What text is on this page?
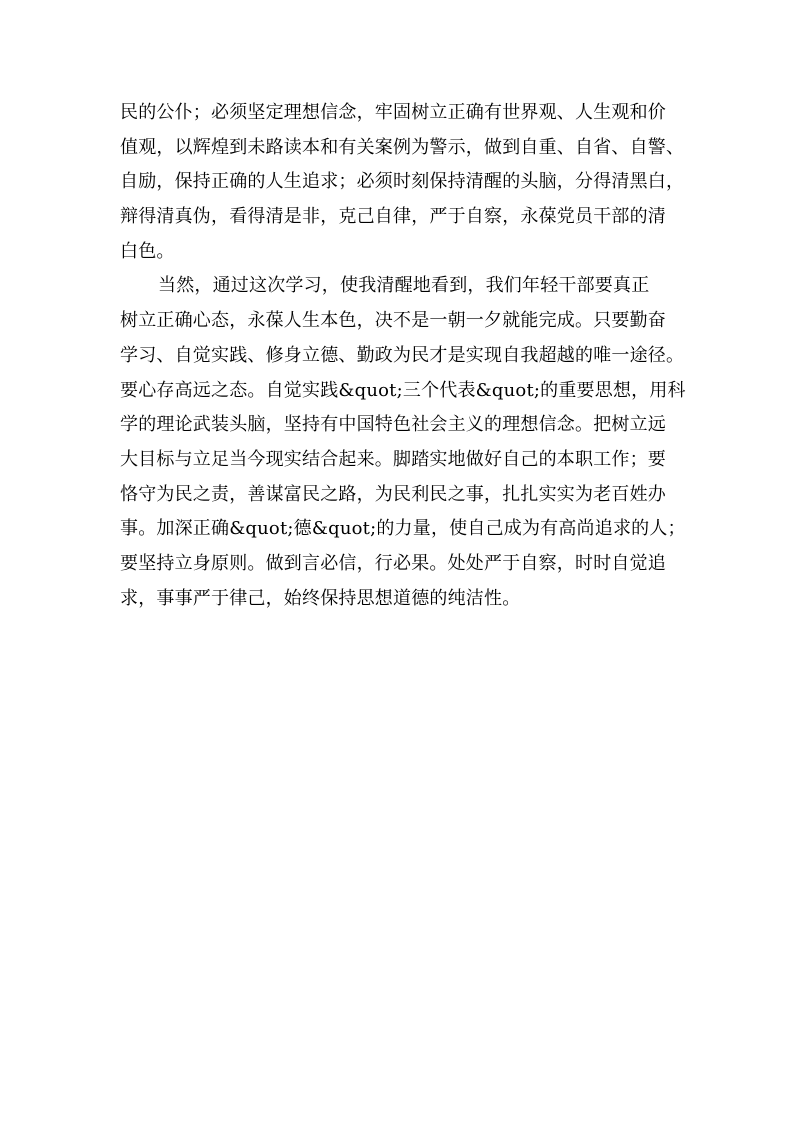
民的公仆；必须坚定理想信念，牢固树立正确有世界观、人生观和价
值观，以辉煌到未路读本和有关案例为警示，做到自重、自省、自警、
自励，保持正确的人生追求；必须时刻保持清醒的头脑，分得清黑白，
辩得清真伪，看得清是非，克己自律，严于自察，永葆党员干部的清
白色。
当然，通过这次学习，使我清醒地看到，我们年轻干部要真正
树立正确心态，永葆人生本色，决不是一朝一夕就能完成。只要勤奋
学习、自觉实践、修身立德、勤政为民才是实现自我超越的唯一途径。
要心存高远之态。自觉实践&quot;三个代表&quot;的重要思想，用科
学的理论武装头脑，坚持有中国特色社会主义的理想信念。把树立远
大目标与立足当今现实结合起来。脚踏实地做好自己的本职工作；要
恪守为民之责，善谋富民之路，为民利民之事，扎扎实实为老百姓办
事。加深正确&quot;德&quot;的力量，使自己成为有高尚追求的人；
要坚持立身原则。做到言必信，行必果。处处严于自察，时时自觉追
求，事事严于律己，始终保持思想道德的纯洁性。
